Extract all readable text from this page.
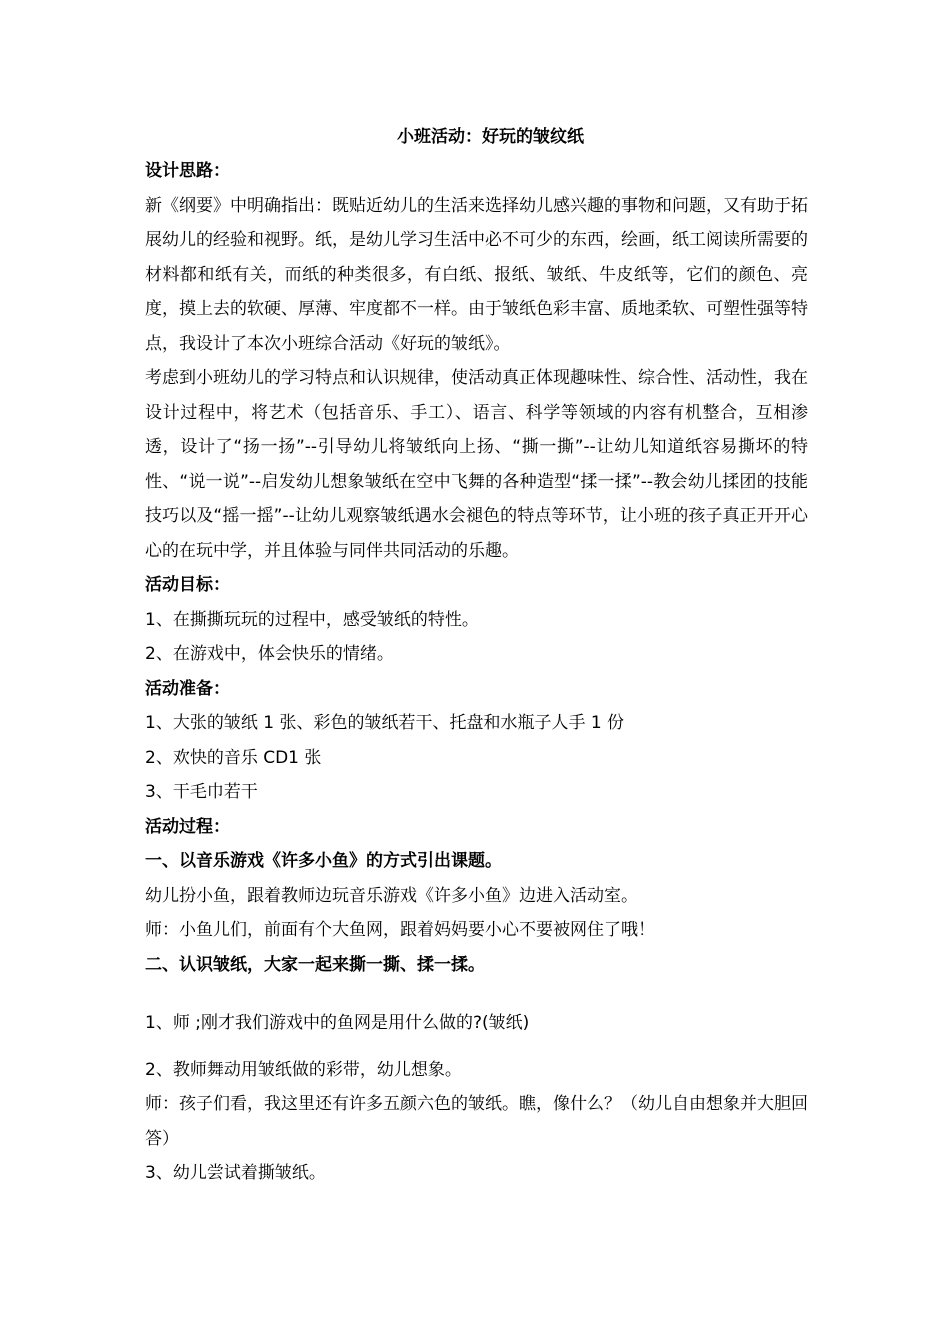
小班活动：好玩的皱纹纸
设计思路：
新《纲要》中明确指出：既贴近幼儿的生活来选择幼儿感兴趣的事物和问题，又有助于拓展幼儿的经验和视野。纸，是幼儿学习生活中必不可少的东西，绘画，纸工阅读所需要的材料都和纸有关，而纸的种类很多，有白纸、报纸、皱纸、牛皮纸等，它们的颜色、亮度，摸上去的软硬、厚薄、牢度都不一样。由于皱纸色彩丰富、质地柔软、可塑性强等特点，我设计了本次小班综合活动《好玩的皱纸》。
考虑到小班幼儿的学习特点和认识规律，使活动真正体现趣味性、综合性、活动性，我在设计过程中，将艺术（包括音乐、手工）、语言、科学等领域的内容有机整合，互相渗透，设计了“扬一扬”--引导幼儿将皱纸向上扬、“撕一撕”--让幼儿知道纸容易撕坏的特性、“说一说”--启发幼儿想象皱纸在空中飞舞的各种造型“揉一揉”--教会幼儿揉团的技能技巧以及“摇一摇”--让幼儿观察皱纸遇水会褪色的特点等环节，让小班的孩子真正开开心心的在玩中学，并且体验与同伴共同活动的乐趣。
活动目标：
1、在撕撕玩玩的过程中，感受皱纸的特性。
2、在游戏中，体会快乐的情绪。
活动准备：
1、大张的皱纸 1 张、彩色的皱纸若干、托盘和水瓶子人手 1 份
2、欢快的音乐 CD1 张
3、干毛巾若干
活动过程：
一、以音乐游戏《许多小鱼》的方式引出课题。
幼儿扮小鱼，跟着教师边玩音乐游戏《许多小鱼》边进入活动室。
师：小鱼儿们，前面有个大鱼网，跟着妈妈要小心不要被网住了哦！
二、认识皱纸，大家一起来撕一撕、揉一揉。
1、师 ;刚才我们游戏中的鱼网是用什么做的?(皱纸)
2、教师舞动用皱纸做的彩带，幼儿想象。
师：孩子们看，我这里还有许多五颜六色的皱纸。瞧，像什么？（幼儿自由想象并大胆回答）
3、幼儿尝试着撕皱纸。
